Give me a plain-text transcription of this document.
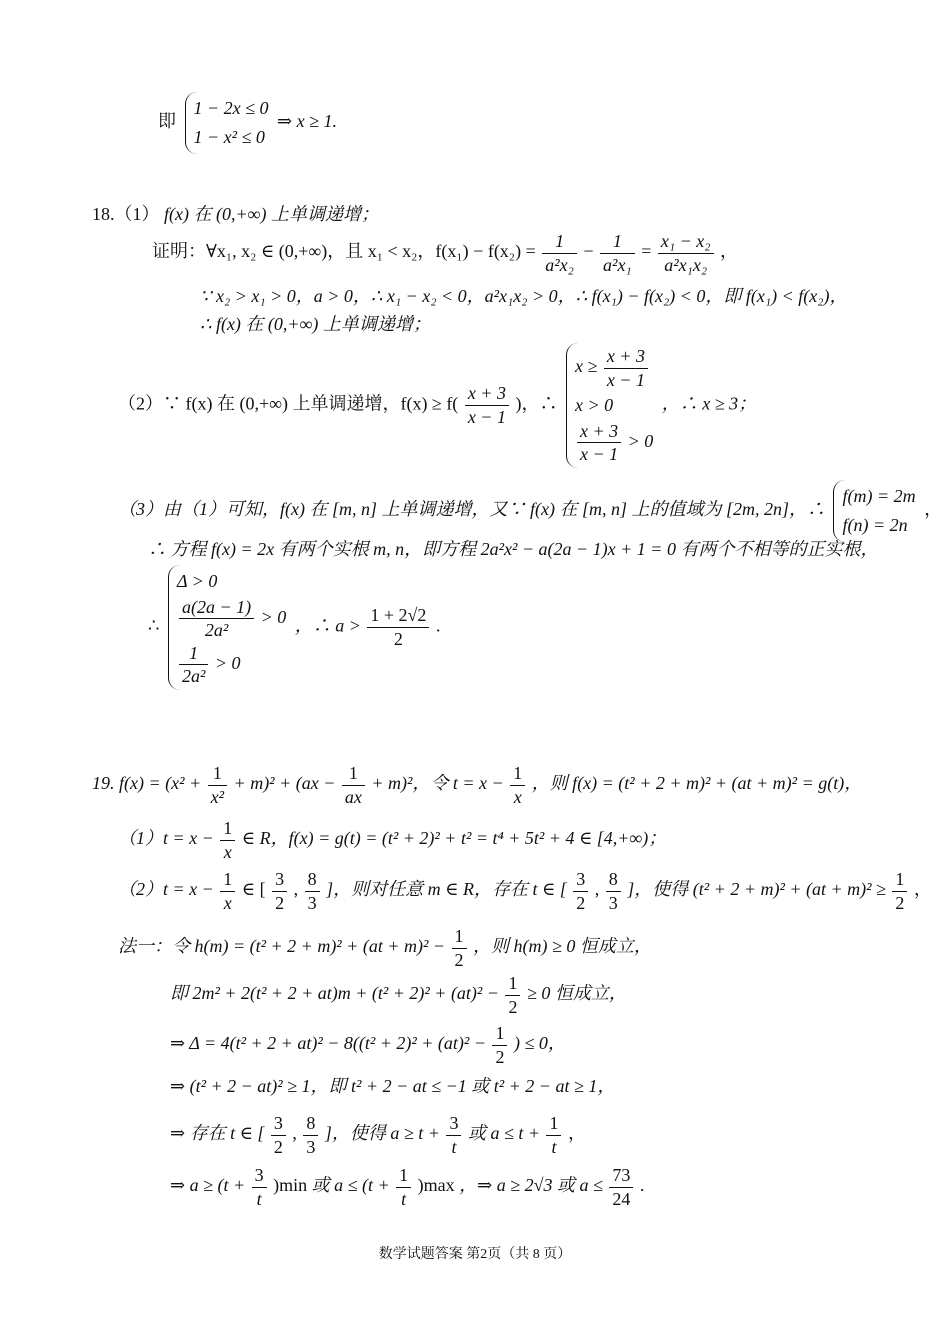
即
1 − 2x ≤ 0
1 − x² ≤ 0
⇒ x ≥ 1.
18.（1） f(x) 在 (0,+∞) 上单调递增；
证明：∀x₁, x₂ ∈ (0,+∞)，且 x₁ < x₂，$f(x_1) - f(x_2) = \frac{1}{\text{a²x₂}} - \frac{1}{\text{a²x₁}} = \frac{\text{x₁ − x₂}}{\text{a²x₁x₂}}$ ，
∵ x₂ > x₁ > 0，a > 0，∴ x₁ − x₂ < 0，a²x₁x₂ > 0，∴ f(x₁) − f(x₂) < 0，即 f(x₁) < f(x₂)，
∴ f(x) 在 (0,+∞) 上单调递增；
（2）∵ f(x) 在 (0,+∞) 上单调递增，$f(x) \ge f( \frac{x + 3}{x - 1}$ )，∴
$x \ge \frac{x + 3}{x - 1}$
x > 0
$\frac{x + 3}{x - 1} > 0$
，∴ x ≥ 3；
（3）由（1）可知，f(x) 在 [m, n] 上单调递增，又∵ f(x) 在 [m, n] 上的值域为 [2m, 2n]，∴
f(m) = 2m
f(n) = 2n
，
∴ 方程 f(x) = 2x 有两个实根 m, n，即方程 2a²x² − a(2a − 1)x + 1 = 0 有两个不相等的正实根，
∴
Δ > 0
$\frac{a(2a - 1)}{\text{2a²}} > 0$
$\frac{1}{\text{2a²}} > 0$
，∴ $a > \frac{1 + 2√2}{2}$ .
19. $f(x) = (x^2 + \frac{1}{\text{x²}} + m)^2 + (ax - \frac{1}{ax} + m)^2$，令 $t = x - \frac{1}{x}$ ，则 f(x) = (t² + 2 + m)² + (at + m)² = g(t)，
$(1)t = x - \frac{1}{x}$ ∈ R，f(x) = g(t) = (t² + 2)² + t² = t⁴ + 5t² + 4 ∈ [4,+∞)；
$(2)t = x - \frac{1}{x}$ ∈ [ $\frac{3}{2}$ , $\frac{8}{3}$ ]，则对任意 m ∈ R，存在 t ∈ [ $\frac{3}{2}$ , $\frac{8}{3}$ ]，使得 $(t^2 + 2 + m)^2 + (at + m)^2 \ge \frac{1}{2}$ ，
法一：令 $h(m) = (t^2 + 2 + m)^2 + (at + m)^2 - \frac{1}{2}$ ，则 h(m) ≥ 0 恒成立，
即 $2m^2 + 2(t^2 + 2 + at)m + (t^2 + 2)^2 + (at)^2 - \frac{1}{2} \ge 0$ 恒成立，
⇒ $\Delta = 4(t^2 + 2 + at)^2 - 8((t^2 + 2)^2 + (at)^2 - \frac{1}{2}$ ) ≤ 0，
⇒ (t² + 2 − at)² ≥ 1，即 t² + 2 − at ≤ −1 或 t² + 2 − at ≥ 1，
⇒ 存在 t ∈ [ $\frac{3}{2}$ , $\frac{8}{3}$ ]，使得 $a \ge t + \frac{3}{t}$ 或 $a \le t + \frac{1}{t}$ ，
⇒ $a \ge (t + \frac{3}{t} )\min$ 或 $a \le (t + \frac{1}{t} )\max$ ，⇒ a ≥ 2√3 或 $a \le \frac{73}{24}$ .
数学试题答案 第2页（共 8 页）
